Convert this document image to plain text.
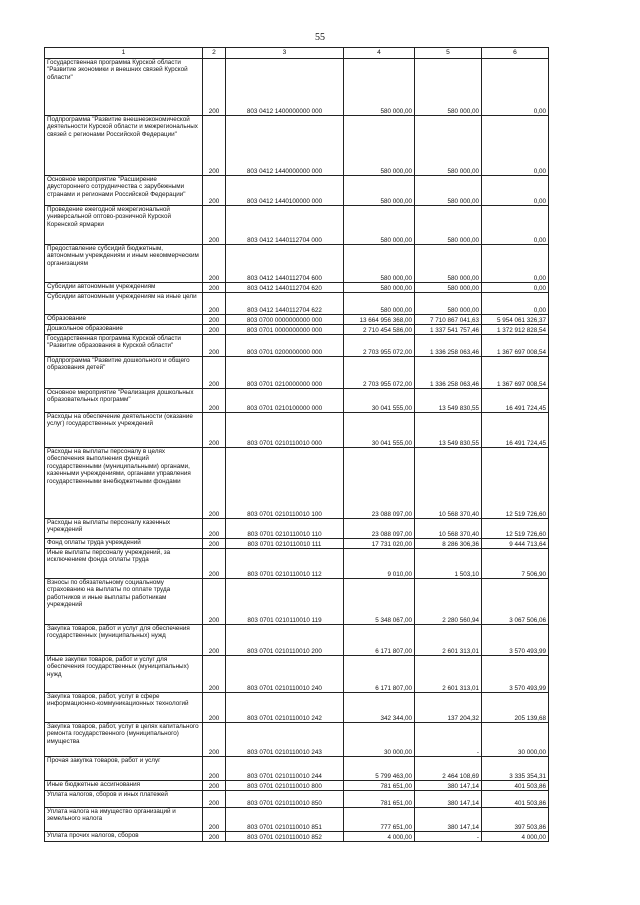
55
1	2	3	4	5	6
Государственная программа Курской области "Развитие экономики и внешних связей Курской области"	200	803 0412 1400000000 000	580 000,00	580 000,00	0,00
Подпрограмма "Развитие внешнеэкономической деятельности Курской области и межрегиональных связей с регионами Российской Федерации"	200	803 0412 1440000000 000	580 000,00	580 000,00	0,00
Основное мероприятие "Расширение двустороннего сотрудничества с зарубежными странами и регионами Российской Федерации"	200	803 0412 1440100000 000	580 000,00	580 000,00	0,00
Проведение ежегодной межрегиональной универсальной оптово-розничной Курской Коренской ярмарки	200	803 0412 1440112704 000	580 000,00	580 000,00	0,00
Предоставление субсидий бюджетным, автономным учреждениям и иным некоммерческим организациям	200	803 0412 1440112704 600	580 000,00	580 000,00	0,00
Субсидии автономным учреждениям	200	803 0412 1440112704 620	580 000,00	580 000,00	0,00
Субсидии автономным учреждениям на иные цели	200	803 0412 1440112704 622	580 000,00	580 000,00	0,00
Образование	200	803 0700 0000000000 000	13 664 956 368,00	7 710 867 041,63	5 954 061 326,37
Дошкольное образование	200	803 0701 0000000000 000	2 710 454 586,00	1 337 541 757,46	1 372 912 828,54
Государственная программа Курской области "Развитие образования в Курской области"	200	803 0701 0200000000 000	2 703 955 072,00	1 336 258 063,46	1 367 697 008,54
Подпрограмма "Развитие дошкольного и общего образования детей"	200	803 0701 0210000000 000	2 703 955 072,00	1 336 258 063,46	1 367 697 008,54
Основное мероприятие "Реализация дошкольных образовательных программ"	200	803 0701 0210100000 000	30 041 555,00	13 549 830,55	16 491 724,45
Расходы на обеспечение деятельности (оказание услуг) государственных учреждений	200	803 0701 0210110010 000	30 041 555,00	13 549 830,55	16 491 724,45
Расходы на выплаты персоналу в целях обеспечения выполнения функций государственными (муниципальными) органами, казенными учреждениями, органами управления государственными внебюджетными фондами	200	803 0701 0210110010 100	23 088 097,00	10 568 370,40	12 519 726,60
Расходы на выплаты персоналу казенных учреждений	200	803 0701 0210110010 110	23 088 097,00	10 568 370,40	12 519 726,60
Фонд оплаты труда учреждений	200	803 0701 0210110010 111	17 731 020,00	8 286 306,36	9 444 713,64
Иные выплаты персоналу учреждений, за исключением фонда оплаты труда	200	803 0701 0210110010 112	9 010,00	1 503,10	7 506,90
Взносы по обязательному социальному страхованию на выплаты по оплате труда работников и иные выплаты работникам учреждений	200	803 0701 0210110010 119	5 348 067,00	2 280 560,94	3 067 506,06
Закупка товаров, работ и услуг для обеспечения государственных (муниципальных) нужд	200	803 0701 0210110010 200	6 171 807,00	2 601 313,01	3 570 493,99
Иные закупки товаров, работ и услуг для обеспечения государственных (муниципальных) нужд	200	803 0701 0210110010 240	6 171 807,00	2 601 313,01	3 570 493,99
Закупка товаров, работ, услуг в сфере информационно-коммуникационных технологий	200	803 0701 0210110010 242	342 344,00	137 204,32	205 139,68
Закупка товаров, работ, услуг в целях капитального ремонта государственного (муниципального) имущества	200	803 0701 0210110010 243	30 000,00	-	30 000,00
Прочая закупка товаров, работ и услуг	200	803 0701 0210110010 244	5 799 463,00	2 464 108,69	3 335 354,31
Иные бюджетные ассигнования	200	803 0701 0210110010 800	781 651,00	380 147,14	401 503,86
Уплата налогов, сборов и иных платежей	200	803 0701 0210110010 850	781 651,00	380 147,14	401 503,86
Уплата налога на имущество организаций и земельного налога	200	803 0701 0210110010 851	777 651,00	380 147,14	397 503,86
Уплата прочих налогов, сборов	200	803 0701 0210110010 852	4 000,00	-	4 000,00
